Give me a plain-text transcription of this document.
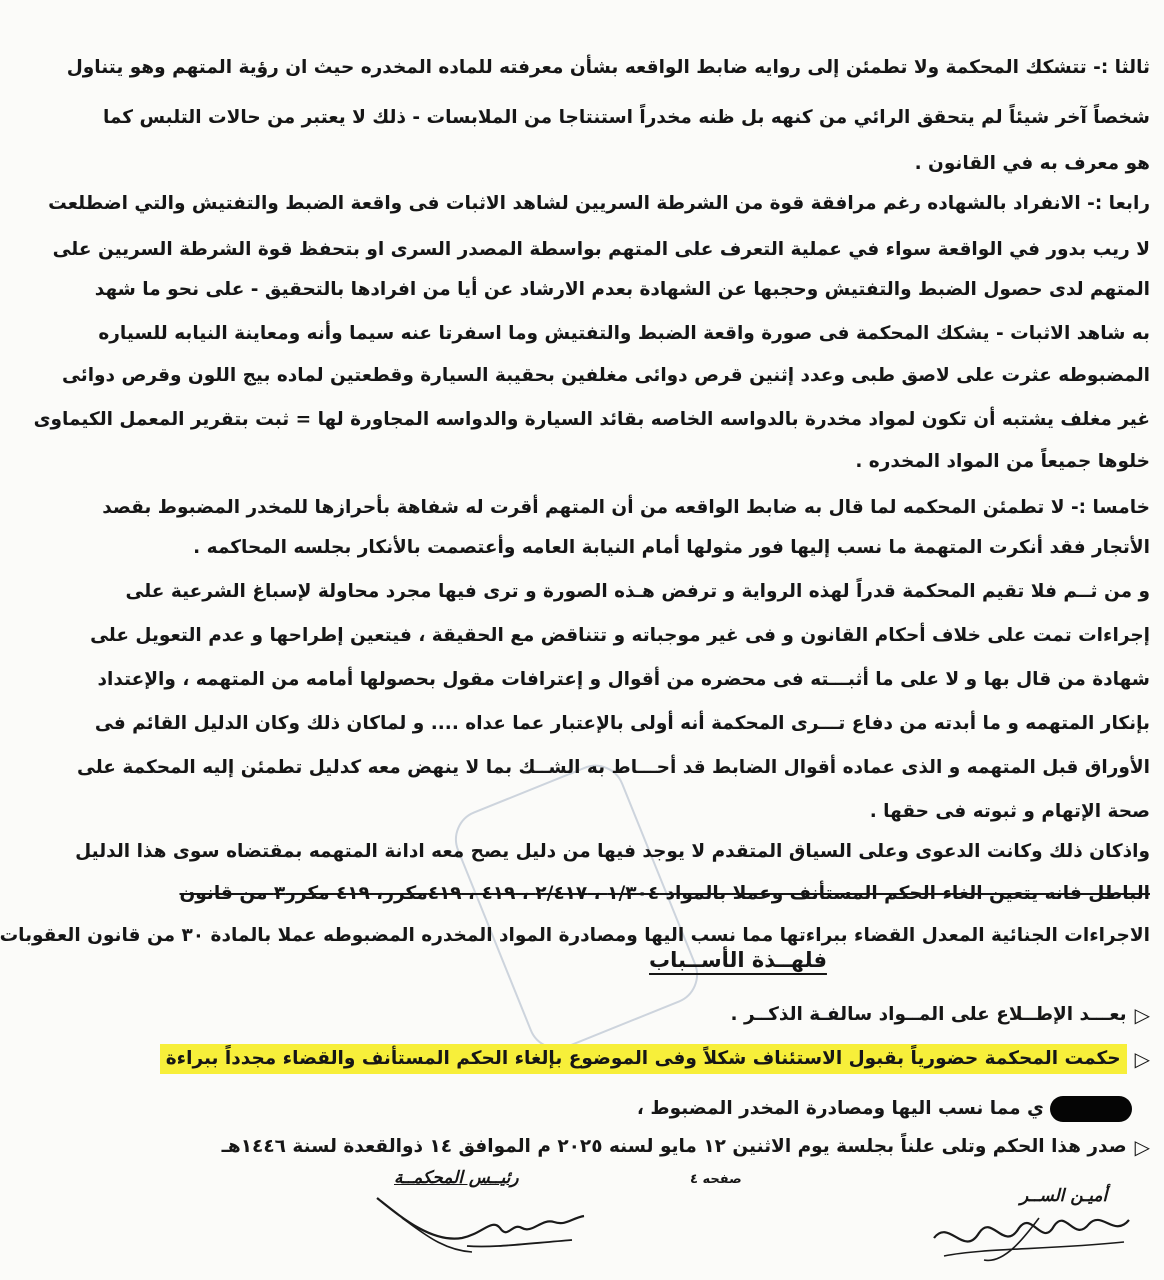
ثالثا :- تتشكك المحكمة ولا تطمئن إلى روايه ضابط الواقعه بشأن معرفته للماده المخدره حيث ان رؤية المتهم وهو يتناول

شخصاً آخر شيئاً لم يتحقق الرائي من كنهه بل ظنه مخدراً استنتاجا من الملابسات - ذلك لا يعتبر من حالات التلبس كما

هو معرف به في القانون .

رابعا :- الانفراد بالشهاده رغم مرافقة قوة من الشرطة السريين لشاهد الاثبات فى واقعة الضبط والتفتيش والتي اضطلعت

لا ريب بدور في الواقعة سواء في عملية التعرف على المتهم بواسطة المصدر السرى او بتحفظ قوة الشرطة السريين على

المتهم لدى حصول الضبط والتفتيش وحجبها عن الشهادة بعدم الارشاد عن أيا من افرادها بالتحقيق - على نحو ما شهد

به شاهد الاثبات - يشكك المحكمة فى صورة واقعة الضبط والتفتيش وما اسفرتا عنه سيما وأنه ومعاينة النيابه للسياره

المضبوطه عثرت على لاصق طبى وعدد إثنين قرص دوائى مغلفين بحقيبة السيارة وقطعتين لماده بيج اللون وقرص دوائى

غير مغلف يشتبه أن تكون لمواد مخدرة بالدواسه الخاصه بقائد السيارة والدواسه المجاورة لها = ثبت بتقرير المعمل الكيماوى

خلوها جميعاً من المواد المخدره .

خامسا :- لا تطمئن المحكمه لما قال به ضابط الواقعه من أن المتهم أقرت له شفاهة بأحرازها للمخدر المضبوط بقصد

الأتجار فقد أنكرت المتهمة ما نسب إليها فور مثولها أمام النيابة العامه وأعتصمت بالأنكار بجلسه المحاكمه .

و من ثــم فلا تقيم المحكمة قدراً لهذه الرواية و ترفض هـذه الصورة و ترى فيها مجرد محاولة لإسباغ الشرعية على

إجراءات تمت على خلاف أحكام القانون و فى غير موجباته و تتناقض مع الحقيقة ، فيتعين إطراحها و عدم التعويل على

شهادة من قال بها و لا على ما أثبـــته فى محضره من أقوال و إعترافات مقول بحصولها أمامه من المتهمه ، والإعتداد

بإنكار المتهمه و ما أبدته من دفاع تـــرى المحكمة أنه أولى بالإعتبار عما عداه .... و لماكان ذلك وكان الدليل القائم فى

الأوراق قبل المتهمه و الذى عماده أقوال الضابط قد أحـــاط به الشــك بما لا ينهض معه كدليل تطمئن إليه المحكمة على

صحة الإتهام و ثبوته فى حقها .

واذكان ذلك وكانت الدعوى وعلى السياق المتقدم لا يوجد فيها من دليل يصح معه ادانة المتهمه بمقتضاه سوى هذا الدليل

الباطل فانه يتعين الغاء الحكم المستأنف وعملا بالمواد ١/٣٠٤ ، ٢/٤١٧ ، ٤١٩ ، ٤١٩مكرر، ٤١٩ مكرر٣ من قانون

الاجراءات الجنائية المعدل القضاء ببراءتها مما نسب اليها ومصادرة المواد المخدره المضبوطه عملا بالمادة ٣٠ من قانون العقوبات

فلهــذة الأســباب
▷
بعـــد الإطــلاع على المــواد سالفـة الذكــر .
▷
حكمت المحكمة حضورياً بقبول الاستئناف شكلاً وفى الموضوع بإلغاء الحكم المستأنف والقضاء مجدداً ببراءة
ي مما نسب اليها ومصادرة المخدر المضبوط ،
▷
صدر هذا الحكم وتلى علناً بجلسة يوم الاثنين ١٢ مايو لسنه ٢٠٢٥ م الموافق ١٤ ذوالقعدة لسنة ١٤٤٦هـ
رئيــس المحكمــة	صفحه ٤
أميـن الســر
